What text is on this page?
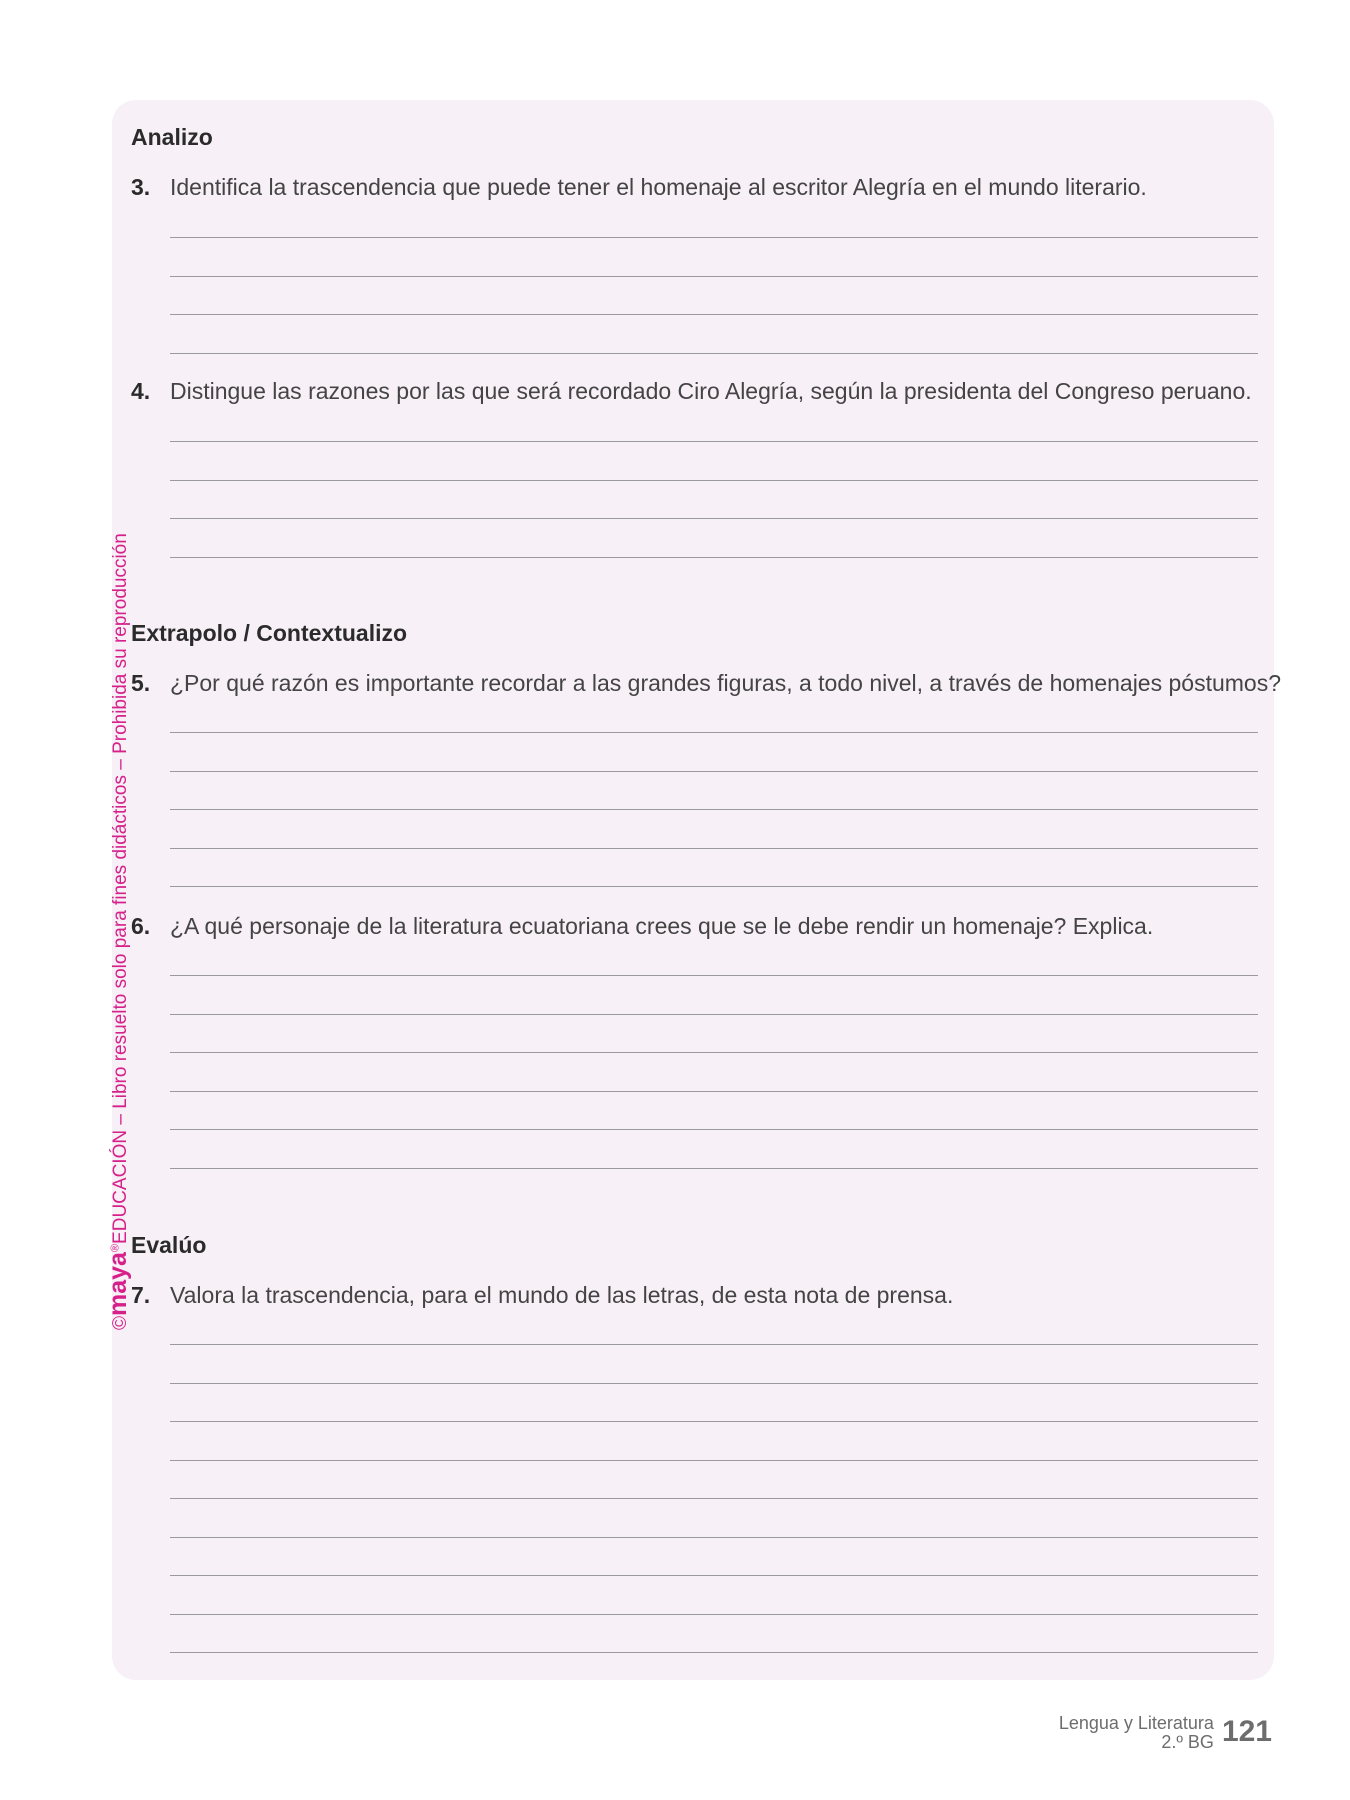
©maya®EDUCACIÓN – Libro resuelto solo para fines didácticos – Prohibida su reproducción
Analizo
3. Identifica la trascendencia que puede tener el homenaje al escritor Alegría en el mundo literario.
4. Distingue las razones por las que será recordado Ciro Alegría, según la presidenta del Congreso peruano.
Extrapolo / Contextualizo
5. ¿Por qué razón es importante recordar a las grandes figuras, a todo nivel, a través de homenajes póstumos?
6. ¿A qué personaje de la literatura ecuatoriana crees que se le debe rendir un homenaje? Explica.
Evalúo
7. Valora la trascendencia, para el mundo de las letras, de esta nota de prensa.
Lengua y Literatura
2.º BG 121
